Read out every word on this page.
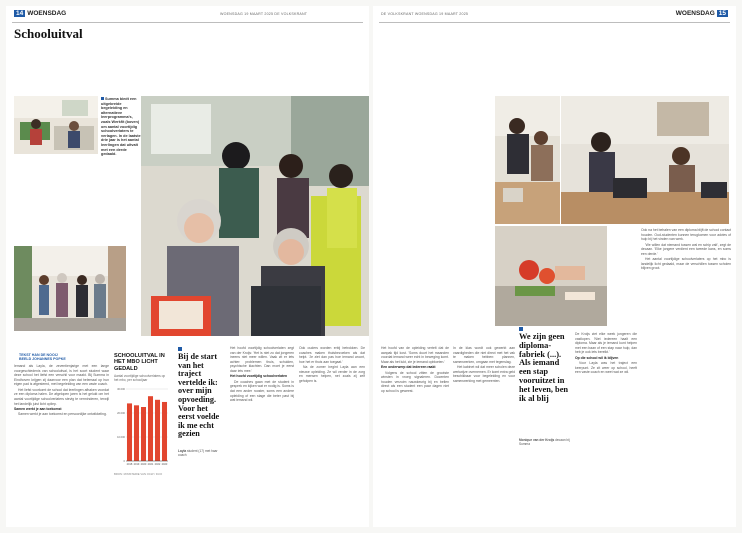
14 WOENSDAG	WOENSDAG 19 MAART 2025 DE VOLKSKRANT
Schooluitval
Summa biedt een uitgebreide begeleiding en alternatieve leerprogramma's, zoals Werkfit (boven) om aantal voortijdig schoolverlaters te verlagen. In de laatste drie jaar is het aantal leerlingen dat uitvalt met een derde gedaald.
TEKST HAN DE NOOIJ
BEELD JOHANNES POPKE

Iemand als Layla, de zeventienjarige met een lange voorgeschiedenis van schooluitval, is het soort student waar deze school het liefst een verschil voor maakt. Bij Summa in Eindhoven krijgen zij daarvoor een plan dat helemaal op hun eigen pad is afgestemd, met begeleiding van een vaste coach.

Het liefst voorkomt de school dat leerlingen afhaken voordat ze een diploma halen. De afgelopen jaren is het gelukt om het aantal voortijdige schoolverlaters stevig te verminderen, terwijl het landelijk juist licht opliep.

Samen werkt je aan toekomst

Samen werkt je aan toekomst en persoonlijke ontwikkeling.

SCHOOLUITVAL IN HET MBO LICHT GEDALD
Aantal voortijdige schoolverlaters op het mbo, per schooljaar
0
10.000
20.000
30.000
2018 2019 2020 2021 2022 2023
BRON: MINISTERIE VAN OCW / DUO
Bij de start van het traject vertelde ik: over mijn opvoeding. Voor het eerst voelde ik me echt gezien
Layla student (17) met haar coach

Het hoofd voortijdig schoolverlaten zegt van der Kroijs: 'Het is niet zo dat jongeren ineens niet meer willen. Vaak zit er iets achter: problemen thuis, schulden, psychische klachten. Dan moet je eerst daar iets mee.'

Het hoofd voortijdig schoolverlaten

De coaches gaan met de student in gesprek en kijken wat er nodig is. Soms is dat een ander rooster, soms een andere opleiding of een stage die beter past bij wat iemand wil.

Ook ouders worden erbij betrokken. De coaches maken thuisbezoeken als dat helpt. 'Je ziet dan pas hoe iemand woont, hoe het er thuis aan toegaat.'

Na de zomer begint Layla aan een nieuwe opleiding. Ze wil verder in de zorg en mensen helpen, net zoals zij zelf geholpen is.

DE VOLKSKRANT WOENSDAG 19 MAART 2025	WOENSDAG 15

Het hoofd van de opleiding vertelt dat de aanpak tijd kost. 'Soms duurt het maanden voordat iemand weer echt in beweging komt. Maar als het lukt, zie je iemand opbloeien.'

Een onderwerp dat iedereen raakt

Volgens de school zitten de grootste winsten in vroeg signaleren. Docenten houden verzuim nauwkeurig bij en bellen direct als een student een paar dagen niet op school is geweest.

In de klas wordt ook gewerkt aan vaardigheden die niet direct met het vak te maken hebben: plannen, samenwerken, omgaan met tegenslag.

Het kabinet wil dat meer scholen deze werkwijze overnemen. Er komt extra geld beschikbaar voor begeleiding en voor samenwerking met gemeenten.

We zijn geen diploma-fabriek (...). Als iemand een stap vooruitzet in het leven, ben ik al blij
Monique van der Kroijs decaan bij Summa

De Kroijs ziet elke week jongeren die vastlopen. 'Niet iedereen haalt een diploma. Maar als je iemand kunt helpen met een baan of een stap naar hulp, dan heb je ook iets bereikt.'

Op die school wil ik blijven

Voor Layla was het traject een keerpunt. Ze zit weer op school, heeft een vaste coach en weet wat ze wil.

Ook na het behalen van een diploma blijft de school contact houden. Oud-studenten kunnen terugkomen voor advies of hulp bij het vinden van werk.

'We willen dat niemand tussen wal en schip valt', zegt de decaan. 'Elke jongere verdient een tweede kans, en soms een derde.'

Het aantal voortijdige schoolverlaters op het mbo is landelijk licht gedaald, maar de verschillen tussen scholen blijven groot.
